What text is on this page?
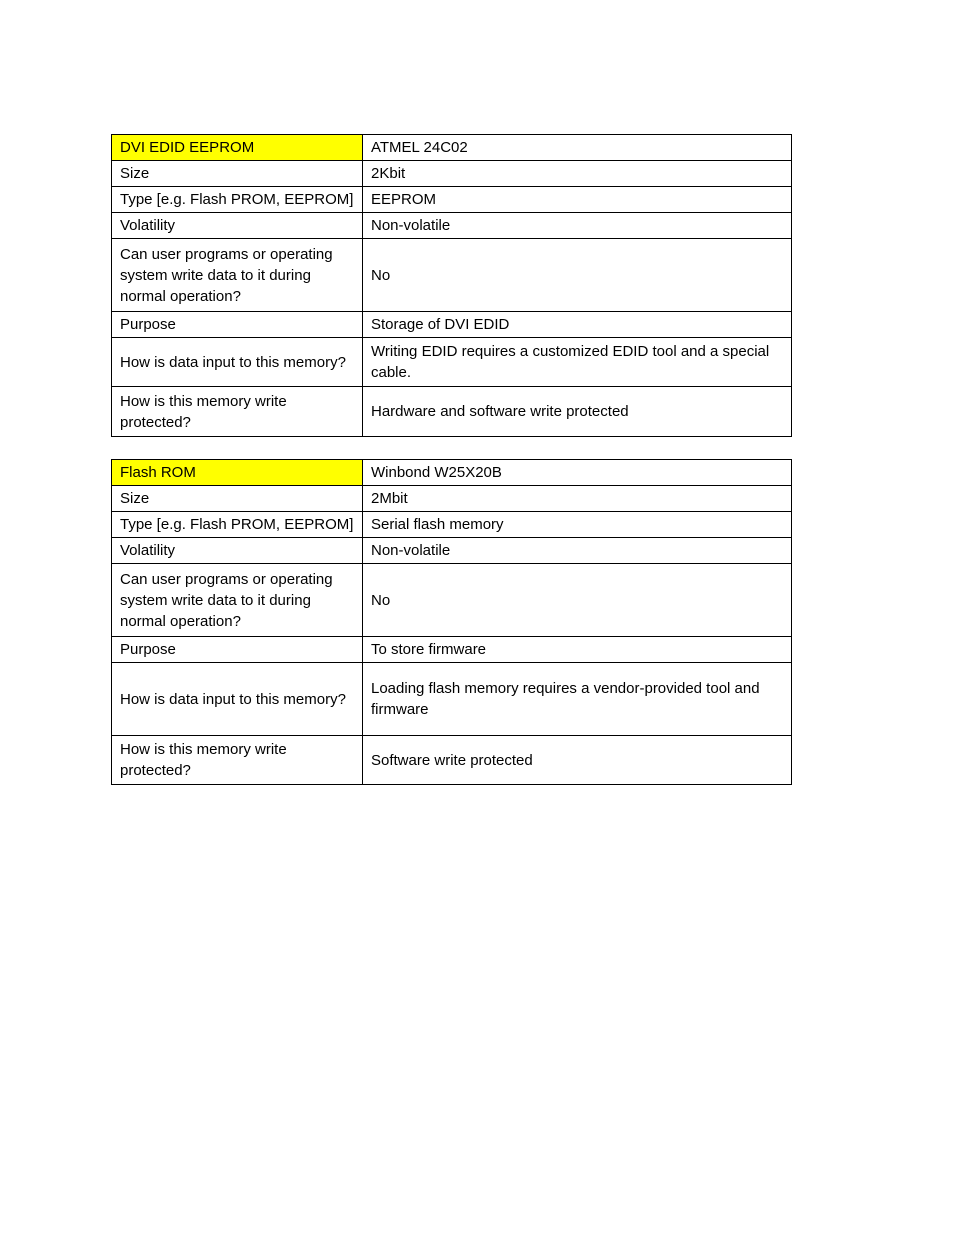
DVI EDID EEPROM	ATMEL 24C02
Size	2Kbit
Type [e.g. Flash PROM, EEPROM]	EEPROM
Volatility	Non-volatile
Can user programs or operating system write data to it during normal operation?	No
Purpose	Storage of DVI EDID
How is data input to this memory?	Writing EDID requires a customized EDID tool and a special cable.
How is this memory write protected?	Hardware and software write protected
Flash ROM	Winbond W25X20B
Size	2Mbit
Type [e.g. Flash PROM, EEPROM]	Serial flash memory
Volatility	Non-volatile
Can user programs or operating system write data to it during normal operation?	No
Purpose	To store firmware
How is data input to this memory?	Loading flash memory requires a vendor-provided tool and firmware
How is this memory write protected?	Software write protected
